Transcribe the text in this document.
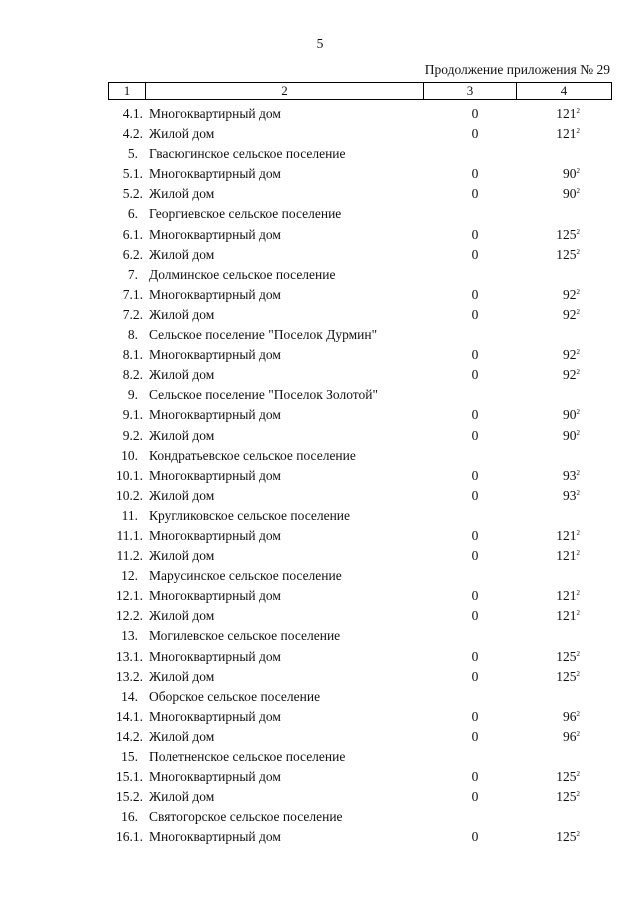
5
Продолжение приложения № 29
1	2	3	4
4.1. Многоквартирный дом	0	$121^2$
4.2. Жилой дом	0	$121^2$
5. Гвасюгинское сельское поселение
5.1. Многоквартирный дом	0	$90^2$
5.2. Жилой дом	0	$90^2$
6. Георгиевское сельское поселение
6.1. Многоквартирный дом	0	$125^2$
6.2. Жилой дом	0	$125^2$
7. Долминское сельское поселение
7.1. Многоквартирный дом	0	$92^2$
7.2. Жилой дом	0	$92^2$
8. Сельское поселение "Поселок Дурмин"
8.1. Многоквартирный дом	0	$92^2$
8.2. Жилой дом	0	$92^2$
9. Сельское поселение "Поселок Золотой"
9.1. Многоквартирный дом	0	$90^2$
9.2. Жилой дом	0	$90^2$
10. Кондратьевское сельское поселение
10.1. Многоквартирный дом	0	$93^2$
10.2. Жилой дом	0	$93^2$
11. Кругликовское сельское поселение
11.1. Многоквартирный дом	0	$121^2$
11.2. Жилой дом	0	$121^2$
12. Марусинское сельское поселение
12.1. Многоквартирный дом	0	$121^2$
12.2. Жилой дом	0	$121^2$
13. Могилевское сельское поселение
13.1. Многоквартирный дом	0	$125^2$
13.2. Жилой дом	0	$125^2$
14. Оборское сельское поселение
14.1. Многоквартирный дом	0	$96^2$
14.2. Жилой дом	0	$96^2$
15. Полетненское сельское поселение
15.1. Многоквартирный дом	0	$125^2$
15.2. Жилой дом	0	$125^2$
16. Святогорское сельское поселение
16.1. Многоквартирный дом	0	$125^2$
